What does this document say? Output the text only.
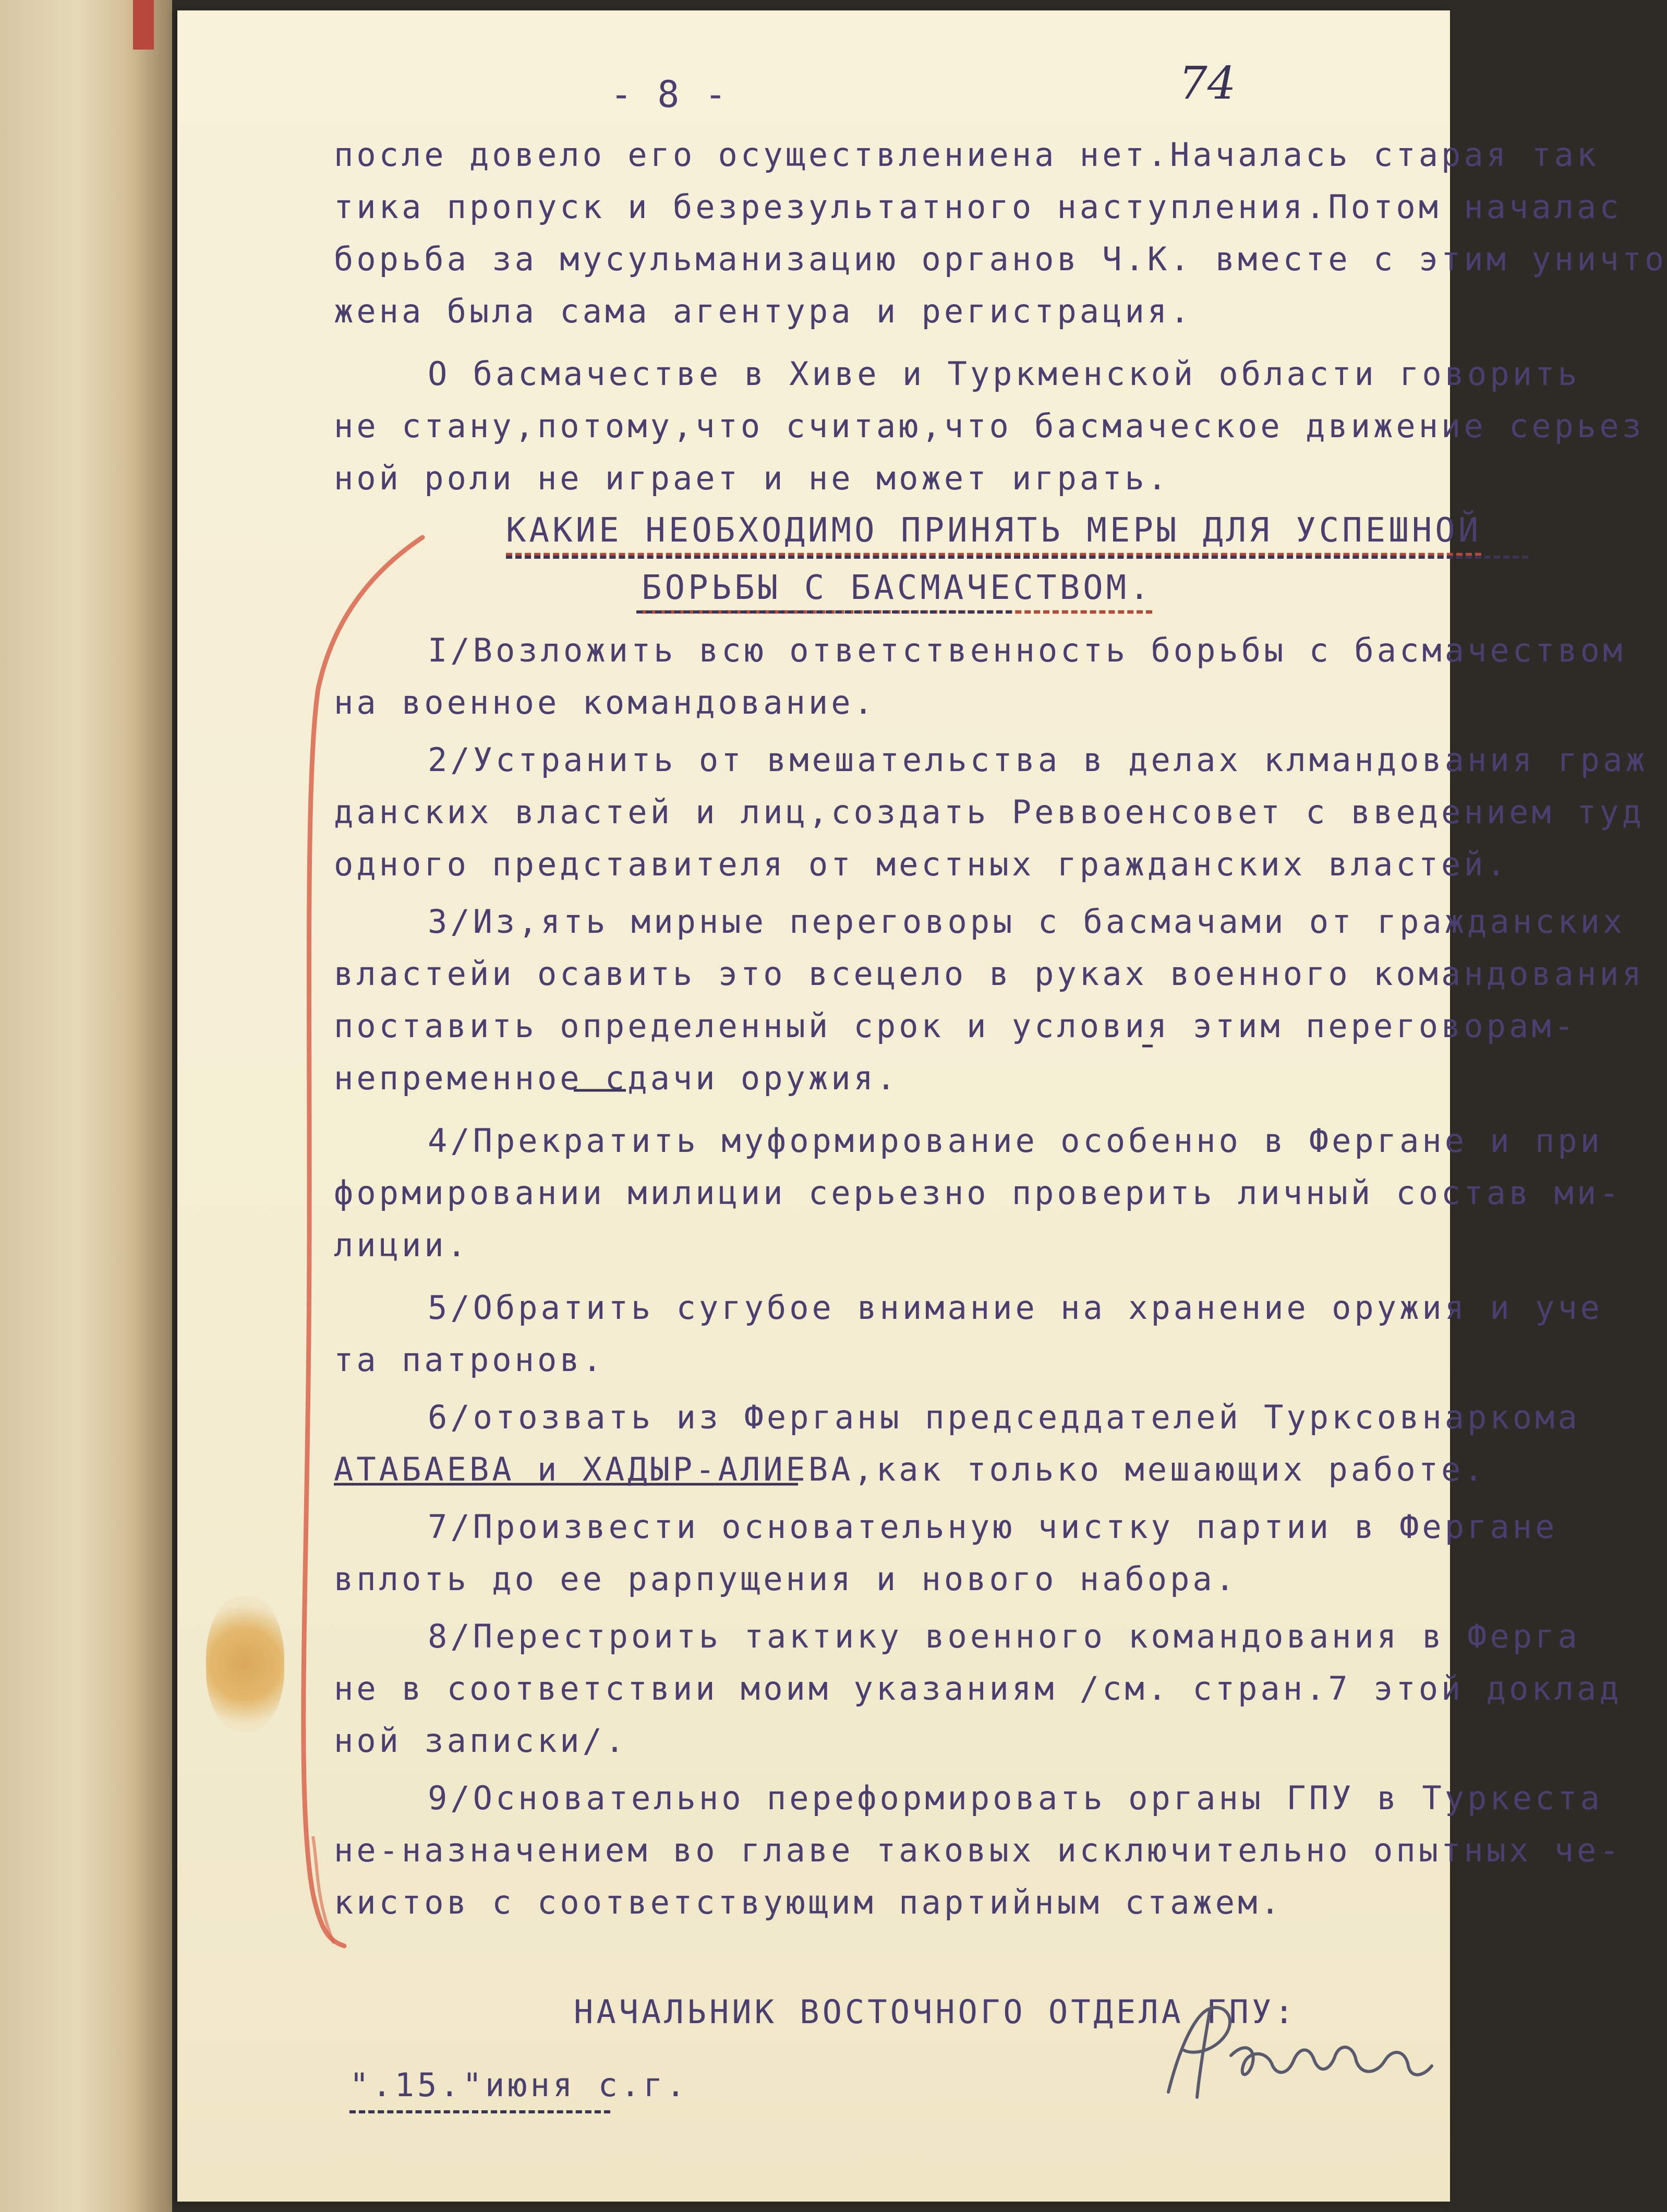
- 8 -	74
после довело его осуществлениена нет.Началась старая так
тика пропуск и безрезультатного наступления.Потом началас
борьба за мусульманизацию органов Ч.К. вместе с этим уничто
жена была сама агентура и регистрация.
О басмачестве в Хиве и Туркменской области говорить
не стану,потому,что считаю,что басмаческое движение серьез
ной роли не играет и не может играть.
КАКИЕ НЕОБХОДИМО ПРИНЯТЬ МЕРЫ ДЛЯ УСПЕШНОЙ
БОРЬБЫ С БАСМАЧЕСТВОМ.
I/Возложить всю ответственность борьбы с басмачеством
на военное командование.
2/Устранить от вмешательства в делах клмандования граж
данских властей и лиц,создать Реввоенсовет с введением туд
одного представителя от местных гражданских властей.
3/Из,ять мирные переговоры с басмачами от гражданских
властейи осавить это всецело в руках военного командования
поставить определенный срок и условия этим переговорам-
непременное сдачи оружия.
4/Прекратить муформирование особенно в Фергане и при
формировании милиции серьезно проверить личный состав ми-
лиции.
5/Обратить сугубое внимание на хранение оружия и уче
та патронов.
6/отозвать из Ферганы председдателей Турксовнаркома
АТАБАЕВА и ХАДЫР-АЛИЕВА,как только мешающих работе.
7/Произвести основательную чистку партии в Фергане
вплоть до ее рарпущения и нового набора.
8/Перестроить тактику военного командования в Ферга
не в соответствии моим указаниям /см. стран.7 этой доклад
ной записки/.
9/Основательно переформировать органы ГПУ в Туркеста
не-назначением во главе таковых исключительно опытных че-
кистов с соответствующим партийным стажем.
НАЧАЛЬНИК ВОСТОЧНОГО ОТДЕЛА ГПУ:
".15."июня с.г.
